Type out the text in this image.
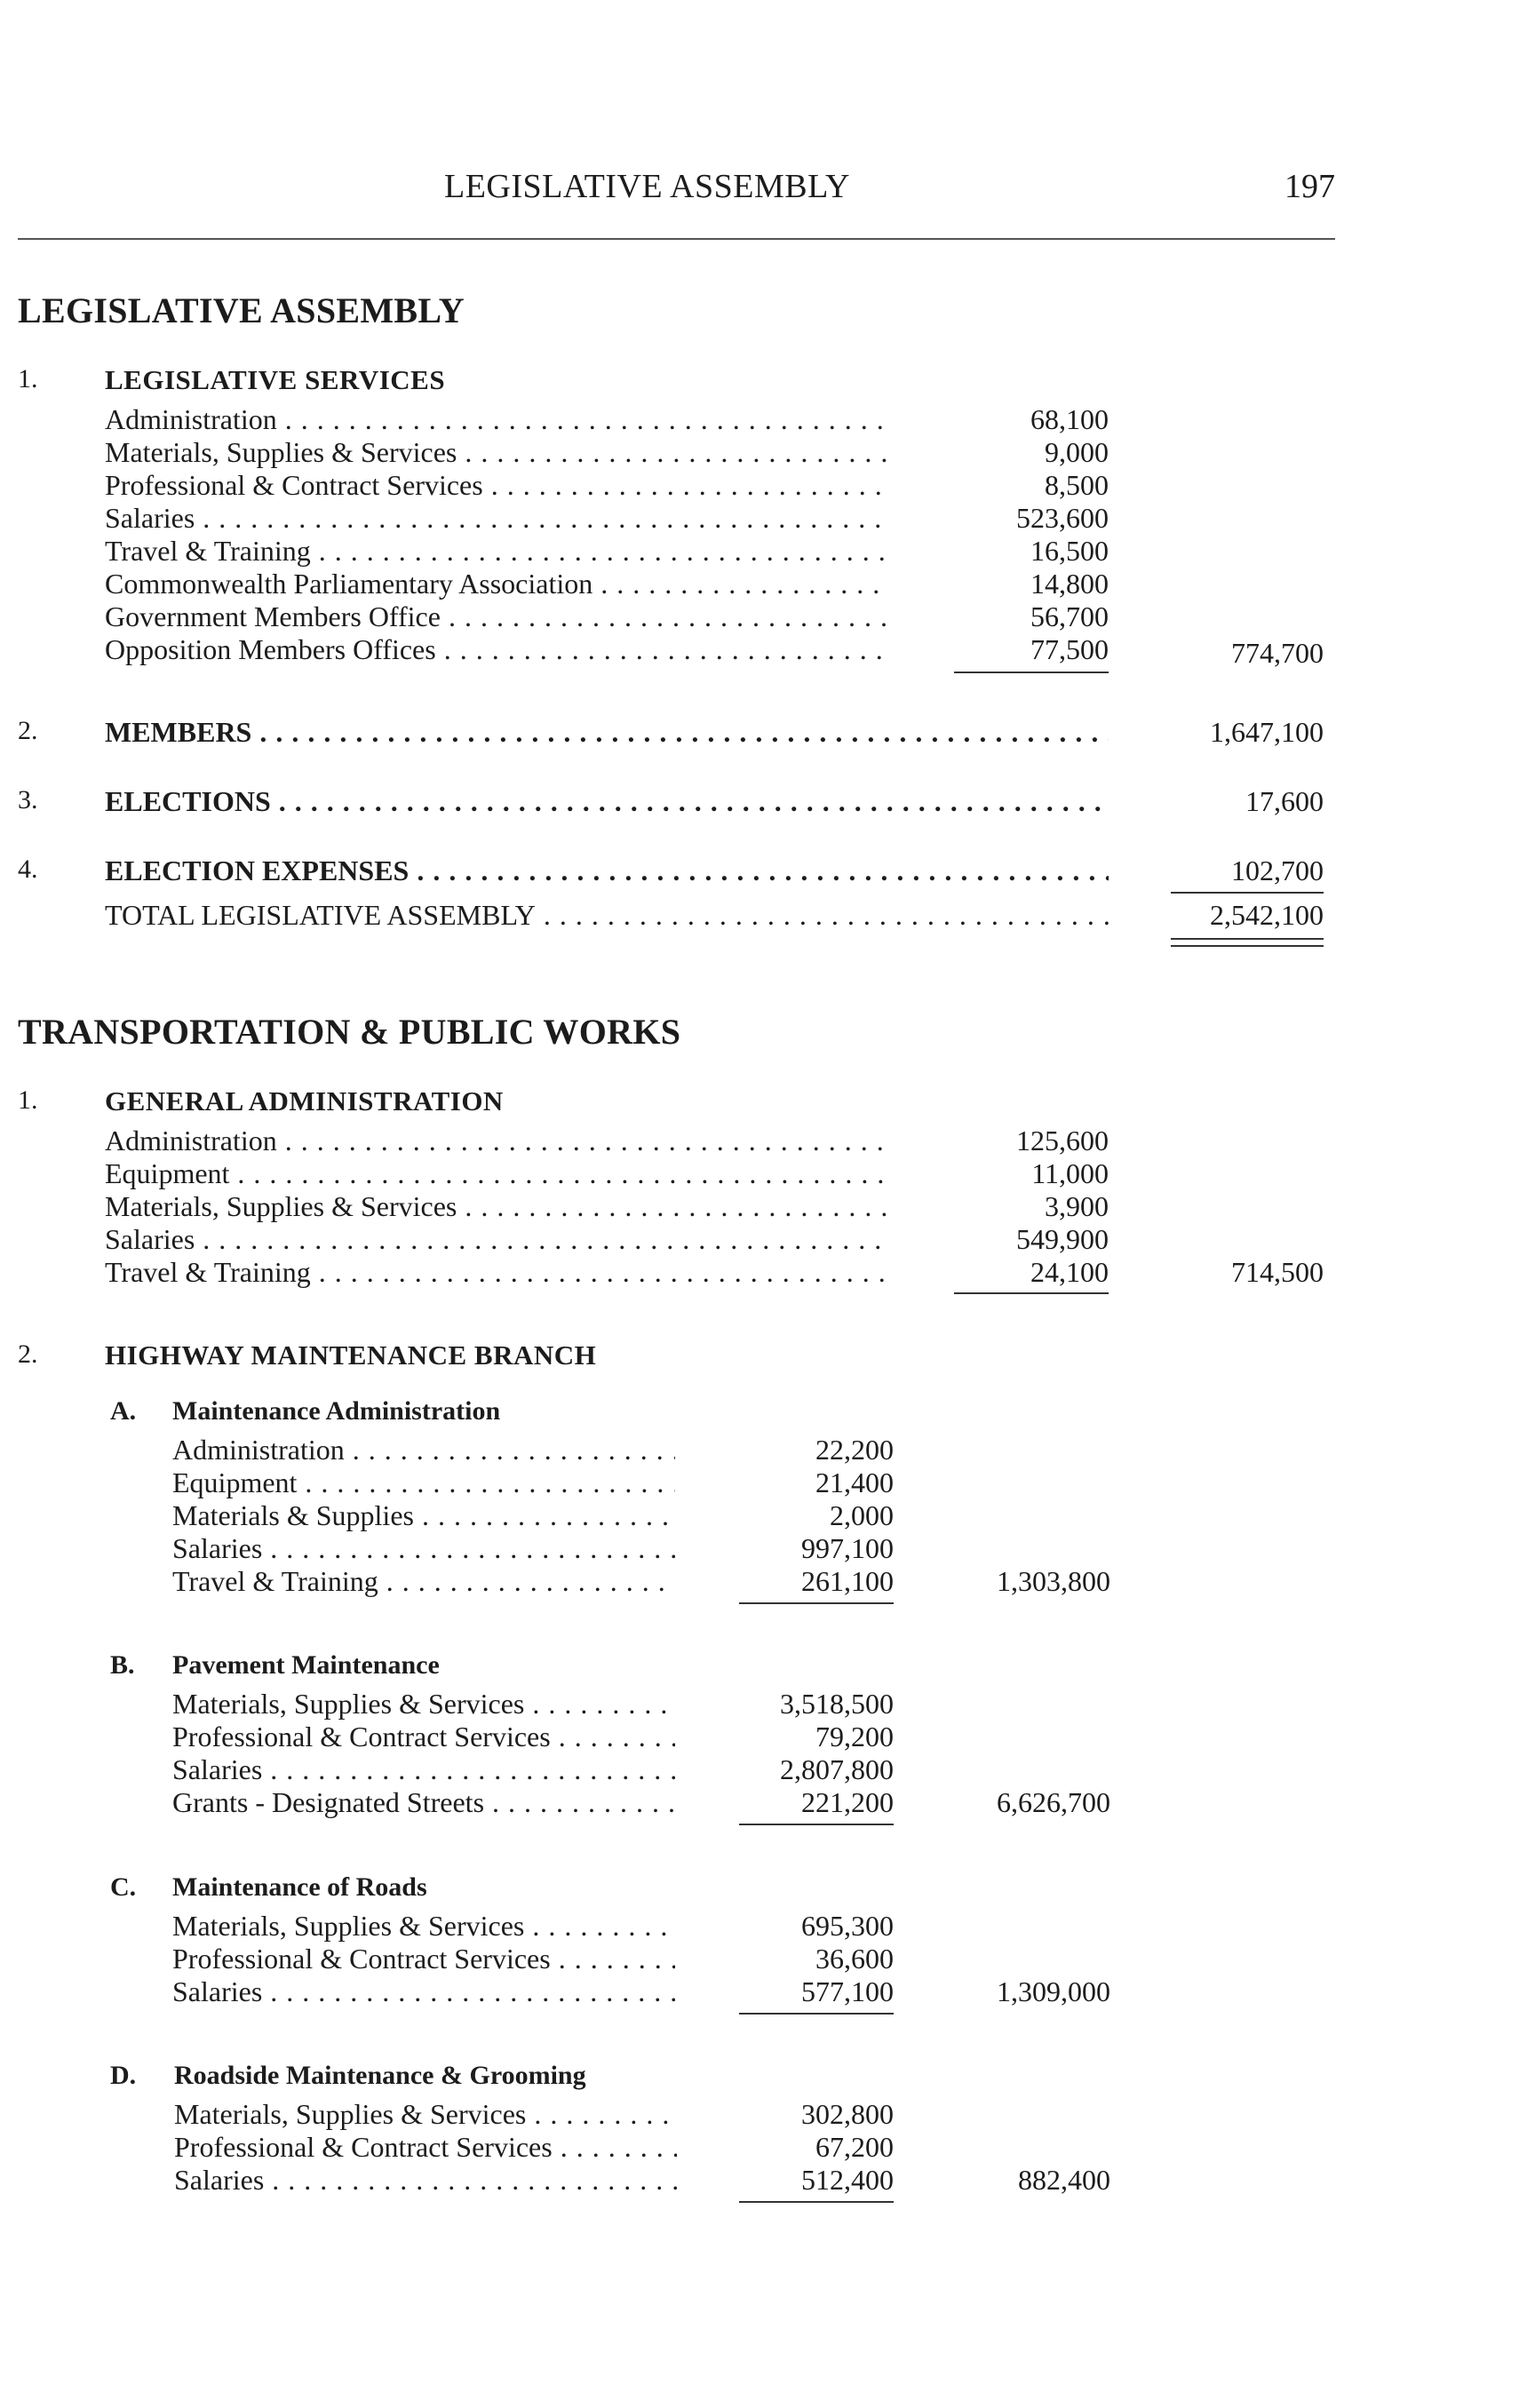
LEGISLATIVE ASSEMBLY	197
LEGISLATIVE ASSEMBLY
1. LEGISLATIVE SERVICES
Administration . . .	68,100
Materials, Supplies & Services . . .	9,000
Professional & Contract Services . . .	8,500
Salaries . . .	523,600
Travel & Training . . .	16,500
Commonwealth Parliamentary Association . . .	14,800
Government Members Office . . .	56,700
Opposition Members Offices . . .	77,500	774,700
2. MEMBERS . . .	1,647,100
3. ELECTIONS . . .	17,600
4. ELECTION EXPENSES . . .	102,700
TOTAL LEGISLATIVE ASSEMBLY . . .	2,542,100
TRANSPORTATION & PUBLIC WORKS
1. GENERAL ADMINISTRATION
Administration . . .	125,600
Equipment . . .	11,000
Materials, Supplies & Services . . .	3,900
Salaries . . .	549,900
Travel & Training . . .	24,100	714,500
2. HIGHWAY MAINTENANCE BRANCH
A. Maintenance Administration
Administration . . .	22,200
Equipment . . .	21,400
Materials & Supplies . . .	2,000
Salaries . . .	997,100
Travel & Training . . .	261,100	1,303,800
B. Pavement Maintenance
Materials, Supplies & Services . . .	3,518,500
Professional & Contract Services . . .	79,200
Salaries . . .	2,807,800
Grants - Designated Streets . . .	221,200	6,626,700
C. Maintenance of Roads
Materials, Supplies & Services . . .	695,300
Professional & Contract Services . . .	36,600
Salaries . . .	577,100	1,309,000
D. Roadside Maintenance & Grooming
Materials, Supplies & Services . . .	302,800
Professional & Contract Services . . .	67,200
Salaries . . .	512,400	882,400
